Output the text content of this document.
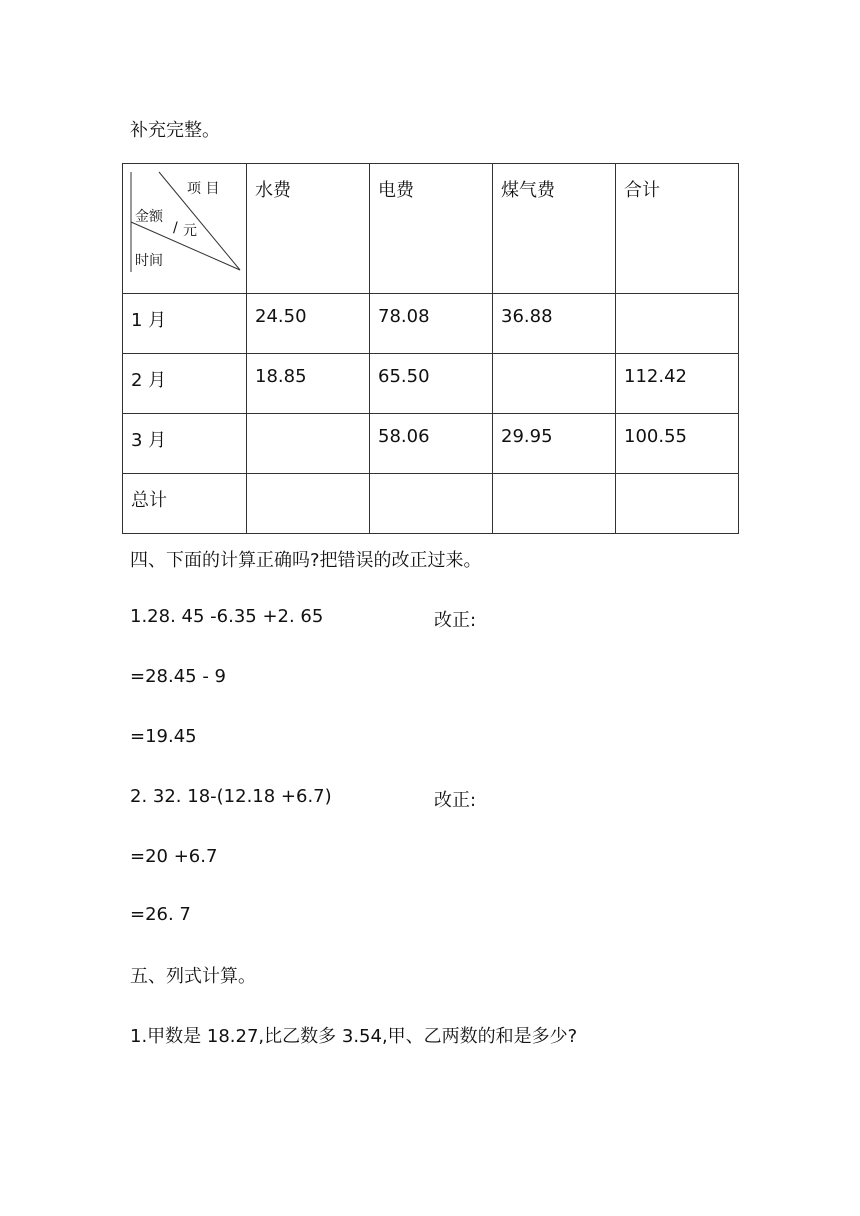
补充完整。
项 目
金额
/ 元
时间	水费	电费	煤气费	合计

1 月	24.50	78.08	36.88	

2 月	18.85	65.50		112.42

3 月		58.06	29.95	100.55

总计				

四、下面的计算正确吗?把错误的改正过来。
1.28. 45 -6.35 +2. 65	改正:
=28.45 - 9
=19.45
2. 32. 18-(12.18 +6.7)	改正:
=20 +6.7
=26. 7
五、列式计算。
1.甲数是 18.27,比乙数多 3.54,甲、乙两数的和是多少?
